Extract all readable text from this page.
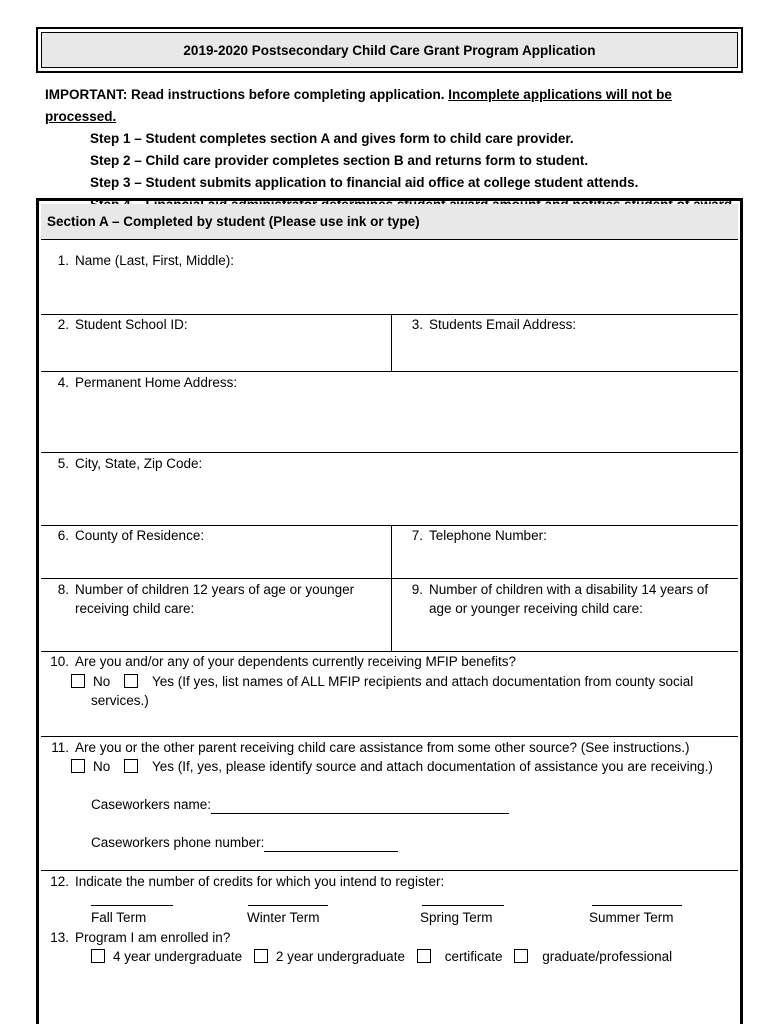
2019-2020 Postsecondary Child Care Grant Program Application
IMPORTANT: Read instructions before completing application. Incomplete applications will not be processed.
Step 1 – Student completes section A and gives form to child care provider.
Step 2 – Child care provider completes section B and returns form to student.
Step 3 – Student submits application to financial aid office at college student attends.
Section A – Completed by student (Please use ink or type)
1. Name (Last, First, Middle):
2. Student School ID:	3. Students Email Address:
4. Permanent Home Address:
5. City, State, Zip Code:
6. County of Residence:	7. Telephone Number:
8. Number of children 12 years of age or younger
receiving child care:
9. Number of children with a disability 14 years of
age or younger receiving child care:
10. Are you and/or any of your dependents currently receiving MFIP benefits?
No	Yes (If yes, list names of ALL MFIP recipients and attach documentation from county social
services.)
11. Are you or the other parent receiving child care assistance from some other source? (See instructions.)
No	Yes (If, yes, please identify source and attach documentation of assistance you are receiving.)
Caseworkers name:
Caseworkers phone number:
12. Indicate the number of credits for which you intend to register:
Fall Term	Winter Term	Spring Term	Summer Term
13. Program I am enrolled in?
4 year undergraduate	2 year undergraduate	certificate	graduate/professional
